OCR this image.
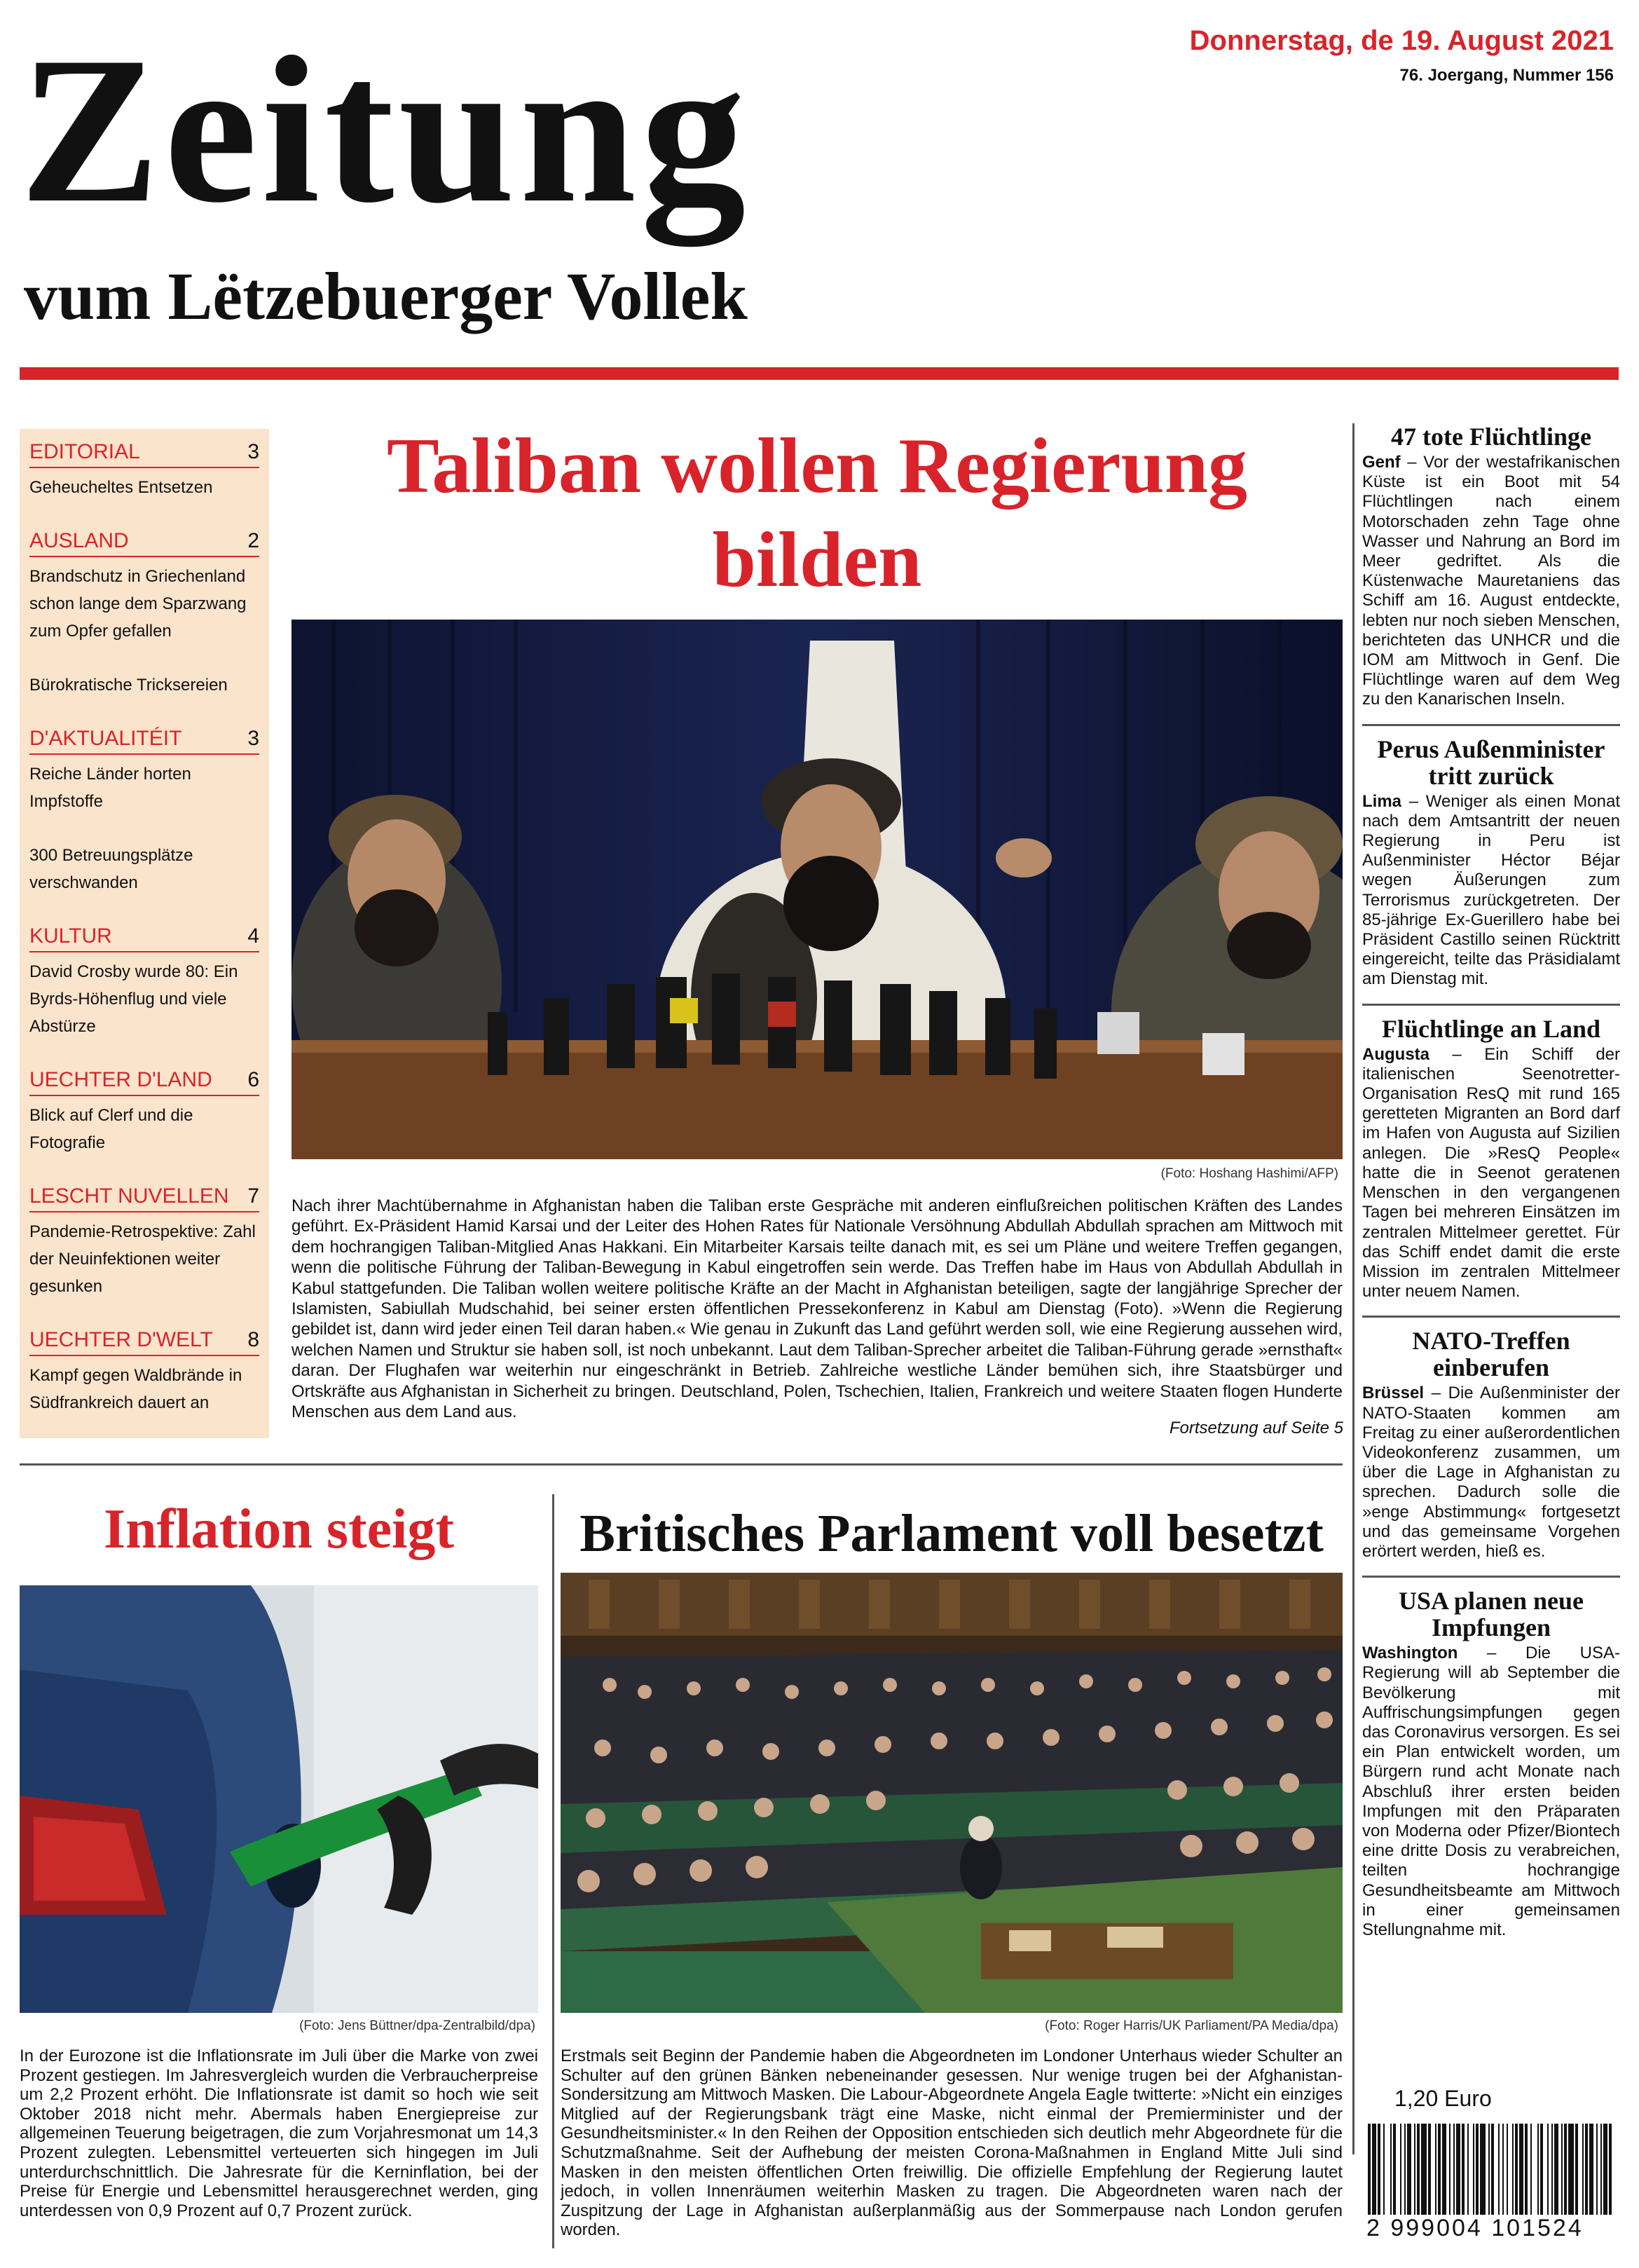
Zeitung
vum Lëtzebuerger Vollek
Donnerstag, de 19. August 2021
76. Joergang, Nummer 156
EDITORIAL	3
Geheucheltes Entsetzen
AUSLAND	2
Brandschutz in Griechenland schon lange dem Sparzwang zum Opfer gefallen
Bürokratische Tricksereien
D'AKTUALITÉIT	3
Reiche Länder horten Impfstoffe
300 Betreuungsplätze verschwanden
KULTUR	4
David Crosby wurde 80: Ein Byrds-Höhenflug und viele Abstürze
UECHTER D'LAND 6
Blick auf Clerf und die Fotografie
LESCHT NUVELLEN 7
Pandemie-Retrospektive: Zahl der Neuinfektionen weiter gesunken
UECHTER D'WELT 8
Kampf gegen Waldbrände in Südfrankreich dauert an
Taliban wollen Regierung bilden
(Foto: Hoshang Hashimi/AFP)
Nach ihrer Machtübernahme in Afghanistan haben die Taliban erste Gespräche mit anderen einflußreichen politischen Kräften des Landes geführt. Ex-Präsident Hamid Karsai und der Leiter des Hohen Rates für Nationale Versöhnung Abdullah Abdullah sprachen am Mittwoch mit dem hochrangigen Taliban-Mitglied Anas Hakkani. Ein Mitarbeiter Karsais teilte danach mit, es sei um Pläne und weitere Treffen gegangen, wenn die politische Führung der Taliban-Bewegung in Kabul eingetroffen sein werde. Das Treffen habe im Haus von Abdullah Abdullah in Kabul stattgefunden. Die Taliban wollen weitere politische Kräfte an der Macht in Afghanistan beteiligen, sagte der langjährige Sprecher der Islamisten, Sabiullah Mudschahid, bei seiner ersten öffentlichen Pressekonferenz in Kabul am Dienstag (Foto). »Wenn die Regierung gebildet ist, dann wird jeder einen Teil daran haben.« Wie genau in Zukunft das Land geführt werden soll, wie eine Regierung aussehen wird, welchen Namen und Struktur sie haben soll, ist noch unbekannt. Laut dem Taliban-Sprecher arbeitet die Taliban-Führung gerade »ernsthaft« daran. Der Flughafen war weiterhin nur eingeschränkt in Betrieb. Zahlreiche westliche Länder bemühen sich, ihre Staatsbürger und Ortskräfte aus Afghanistan in Sicherheit zu bringen. Deutschland, Polen, Tschechien, Italien, Frankreich und weitere Staaten flogen Hunderte Menschen aus dem Land aus.
Fortsetzung auf Seite 5
47 tote Flüchtlinge
Genf – Vor der westafrikanischen Küste ist ein Boot mit 54 Flüchtlingen nach einem Motorschaden zehn Tage ohne Wasser und Nahrung an Bord im Meer gedriftet. Als die Küstenwache Mauretaniens das Schiff am 16. August entdeckte, lebten nur noch sieben Menschen, berichteten das UNHCR und die IOM am Mittwoch in Genf. Die Flüchtlinge waren auf dem Weg zu den Kanarischen Inseln.
Perus Außenminister tritt zurück
Lima – Weniger als einen Monat nach dem Amtsantritt der neuen Regierung in Peru ist Außenminister Héctor Béjar wegen Äußerungen zum Terrorismus zurückgetreten. Der 85-jährige Ex-Guerillero habe bei Präsident Castillo seinen Rücktritt eingereicht, teilte das Präsidialamt am Dienstag mit.
Flüchtlinge an Land
Augusta – Ein Schiff der italienischen Seenotretter-Organisation ResQ mit rund 165 geretteten Migranten an Bord darf im Hafen von Augusta auf Sizilien anlegen. Die »ResQ People« hatte die in Seenot geratenen Menschen in den vergangenen Tagen bei mehreren Einsätzen im zentralen Mittelmeer gerettet. Für das Schiff endet damit die erste Mission im zentralen Mittelmeer unter neuem Namen.
NATO-Treffen einberufen
Brüssel – Die Außenminister der NATO-Staaten kommen am Freitag zu einer außerordentlichen Videokonferenz zusammen, um über die Lage in Afghanistan zu sprechen. Dadurch solle die »enge Abstimmung« fortgesetzt und das gemeinsame Vorgehen erörtert werden, hieß es.
USA planen neue Impfungen
Washington – Die USA-Regierung will ab September die Bevölkerung mit Auffrischungsimpfungen gegen das Coronavirus versorgen. Es sei ein Plan entwickelt worden, um Bürgern rund acht Monate nach Abschluß ihrer ersten beiden Impfungen mit den Präparaten von Moderna oder Pfizer/Biontech eine dritte Dosis zu verabreichen, teilten hochrangige Gesundheitsbeamte am Mittwoch in einer gemeinsamen Stellungnahme mit.
Inflation steigt
(Foto: Jens Büttner/dpa-Zentralbild/dpa)
In der Eurozone ist die Inflationsrate im Juli über die Marke von zwei Prozent gestiegen. Im Jahresvergleich wurden die Verbraucherpreise um 2,2 Prozent erhöht. Die Inflationsrate ist damit so hoch wie seit Oktober 2018 nicht mehr. Abermals haben Energiepreise zur allgemeinen Teuerung beigetragen, die zum Vorjahresmonat um 14,3 Prozent zulegten. Lebensmittel verteuerten sich hingegen im Juli unterdurchschnittlich. Die Jahresrate für die Kerninflation, bei der Preise für Energie und Lebensmittel herausgerechnet werden, ging unterdessen von 0,9 Prozent auf 0,7 Prozent zurück.
Britisches Parlament voll besetzt
(Foto: Roger Harris/UK Parliament/PA Media/dpa)
Erstmals seit Beginn der Pandemie haben die Abgeordneten im Londoner Unterhaus wieder Schulter an Schulter auf den grünen Bänken nebeneinander gesessen. Nur wenige trugen bei der Afghanistan-Sondersitzung am Mittwoch Masken. Die Labour-Abgeordnete Angela Eagle twitterte: »Nicht ein einziges Mitglied auf der Regierungsbank trägt eine Maske, nicht einmal der Premierminister und der Gesundheitsminister.« In den Reihen der Opposition entschieden sich deutlich mehr Abgeordnete für die Schutzmaßnahme. Seit der Aufhebung der meisten Corona-Maßnahmen in England Mitte Juli sind Masken in den meisten öffentlichen Orten freiwillig. Die offizielle Empfehlung der Regierung lautet jedoch, in vollen Innenräumen weiterhin Masken zu tragen. Die Abgeordneten waren nach der Zuspitzung der Lage in Afghanistan außerplanmäßig aus der Sommerpause nach London gerufen worden.
1,20 Euro
2 999004 101524
